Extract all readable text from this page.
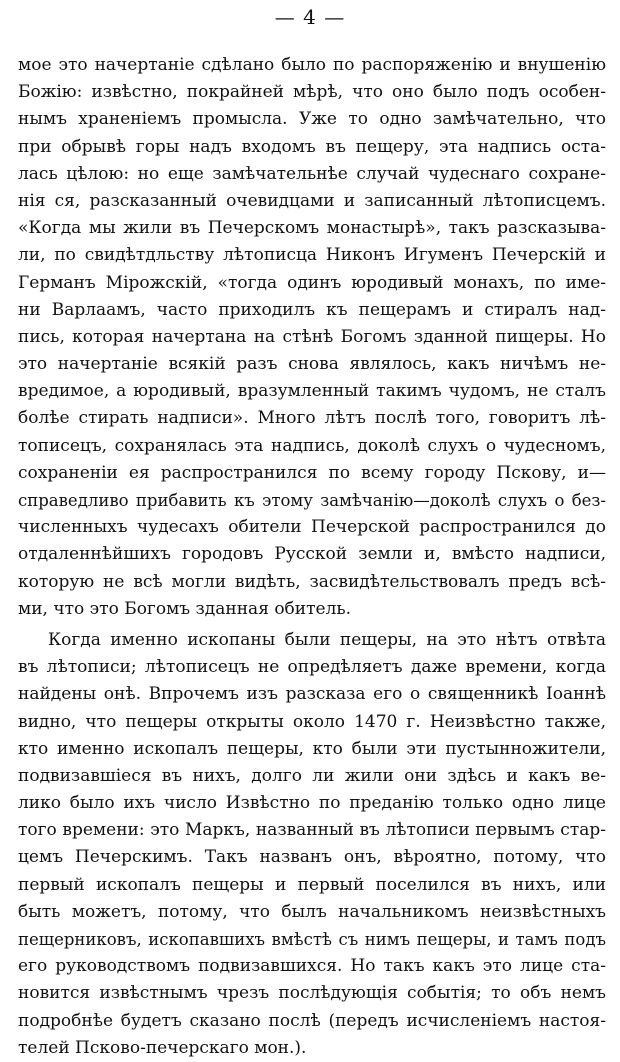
— 4 —
мое это начертаніе сдѣлано было по распоряженію и внушенію
Божію: извѣстно, покрайней мѣрѣ, что оно было подъ особен-
нымъ храненіемъ промысла. Уже то одно замѣчательно, что
при обрывѣ горы надъ входомъ въ пещеру, эта надпись оста-
лась цѣлою: но еще замѣчательнѣе случай чудеснаго сохране-
нія ся, разсказанный очевидцами и записанный лѣтописцемъ.
«Когда мы жили въ Печерскомъ монастырѣ», такъ разсказыва-
ли, по свидѣтдльству лѣтописца Никонъ Игуменъ Печерскій и
Германъ Мірожскій, «тогда одинъ юродивый монахъ, по име-
ни Варлаамъ, часто приходилъ къ пещерамъ и стиралъ над-
пись, которая начертана на стѣнѣ Богомъ зданной пищеры. Но
это начертаніе всякій разъ снова являлось, какъ ничѣмъ не-
вредимое, а юродивый, вразумленный такимъ чудомъ, не сталъ
болѣе стирать надписи». Много лѣтъ послѣ того, говоритъ лѣ-
тописецъ, сохранялась эта надпись, доколѣ слухъ о чудесномъ,
сохраненіи ея распространился по всему городу Пскову, и—
справедливо прибавить къ этому замѣчанію—доколѣ слухъ о без-
численныхъ чудесахъ обители Печерской распространился до
отдаленнѣйшихъ городовъ Русской земли и, вмѣсто надписи,
которую не всѣ могли видѣть, засвидѣтельствовалъ предъ всѣ-
ми, что это Богомъ зданная обитель.
Когда именно ископаны были пещеры, на это нѣтъ отвѣта
въ лѣтописи; лѣтописецъ не опредѣляетъ даже времени, когда
найдены онѣ. Впрочемъ изъ разсказа его о священникѣ Іоаннѣ
видно, что пещеры открыты около 1470 г. Неизвѣстно также,
кто именно ископалъ пещеры, кто были эти пустынножители,
подвизавшіеся въ нихъ, долго ли жили они здѣсь и какъ ве-
лико было ихъ число Извѣстно по преданію только одно лице
того времени: это Маркъ, названный въ лѣтописи первымъ стар-
цемъ Печерскимъ. Такъ названъ онъ, вѣроятно, потому, что
первый ископалъ пещеры и первый поселился въ нихъ, или
быть можетъ, потому, что былъ начальникомъ неизвѣстныхъ
пещерниковъ, ископавшихъ вмѣстѣ съ нимъ пещеры, и тамъ подъ
его руководствомъ подвизавшихся. Но такъ какъ это лице ста-
новится извѣстнымъ чрезъ послѣдующія событія; то объ немъ
подробнѣе будетъ сказано послѣ (передъ исчисленіемъ настоя-
телей Псково-печерскаго мон.).
